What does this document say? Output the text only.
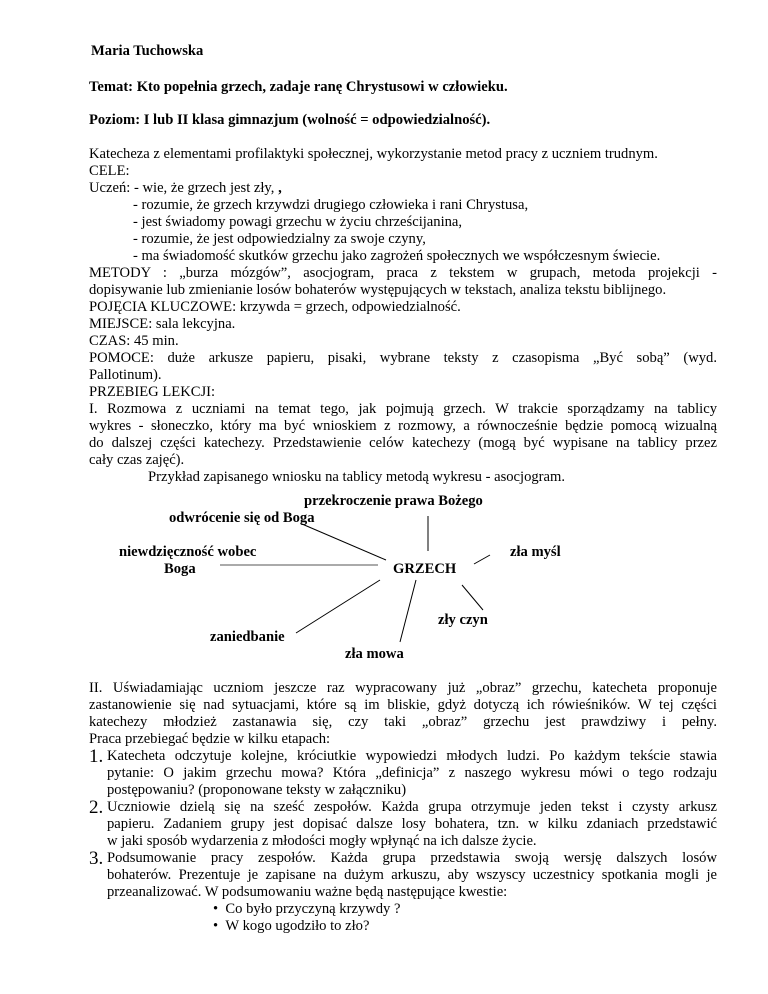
Maria Tuchowska
Temat: Kto popełnia grzech, zadaje ranę Chrystusowi w człowieku.
Poziom: I lub II klasa gimnazjum (wolność = odpowiedzialność).
Katecheza z elementami profilaktyki społecznej, wykorzystanie metod pracy z uczniem trudnym.
CELE:
Uczeń: - wie, że grzech jest zły, ,
- rozumie, że grzech krzywdzi drugiego człowieka i rani Chrystusa,
- jest świadomy powagi grzechu w życiu chrześcijanina,
- rozumie, że jest odpowiedzialny za swoje czyny,
- ma świadomość skutków grzechu jako zagrożeń społecznych we współczesnym świecie.
METODY : „burza mózgów”, asocjogram, praca z tekstem w grupach, metoda projekcji -
dopisywanie lub zmienianie losów bohaterów występujących w tekstach, analiza tekstu biblijnego.
POJĘCIA KLUCZOWE: krzywda = grzech, odpowiedzialność.
MIEJSCE: sala lekcyjna.
CZAS: 45 min.
POMOCE: duże arkusze papieru, pisaki, wybrane teksty z czasopisma „Być sobą” (wyd.
Pallotinum).
PRZEBIEG LEKCJI:
I. Rozmowa z uczniami na temat tego, jak pojmują grzech. W trakcie sporządzamy na tablicy
wykres - słoneczko, który ma być wnioskiem z rozmowy, a równocześnie będzie pomocą wizualną
do dalszej części katechezy. Przedstawienie celów katechezy (mogą być wypisane na tablicy przez
cały czas zajęć).
Przykład zapisanego wniosku na tablicy metodą wykresu - asocjogram.
przekroczenie prawa Bożego
odwrócenie się od Boga
niewdzięczność wobec
Boga	GRZECH
zła myśl
zły czyn
zaniedbanie
zła mowa
II. Uświadamiając uczniom jeszcze raz wypracowany już „obraz” grzechu, katecheta proponuje
zastanowienie się nad sytuacjami, które są im bliskie, gdyż dotyczą ich rówieśników. W tej części
katechezy młodzież zastanawia się, czy taki „obraz” grzechu jest prawdziwy i pełny.
Praca przebiegać będzie w kilku etapach:
1. Katecheta odczytuje kolejne, króciutkie wypowiedzi młodych ludzi. Po każdym tekście stawia
pytanie: O jakim grzechu mowa? Która „definicja” z naszego wykresu mówi o tego rodzaju
postępowaniu? (proponowane teksty w załączniku)
2. Uczniowie dzielą się na sześć zespołów. Każda grupa otrzymuje jeden tekst i czysty arkusz
papieru. Zadaniem grupy jest dopisać dalsze losy bohatera, tzn. w kilku zdaniach przedstawić
w jaki sposób wydarzenia z młodości mogły wpłynąć na ich dalsze życie.
3. Podsumowanie pracy zespołów. Każda grupa przedstawia swoją wersję dalszych losów
bohaterów. Prezentuje je zapisane na dużym arkuszu, aby wszyscy uczestnicy spotkania mogli je
przeanalizować. W podsumowaniu ważne będą następujące kwestie:
•  Co było przyczyną krzywdy ?
•  W kogo ugodziło to zło?
